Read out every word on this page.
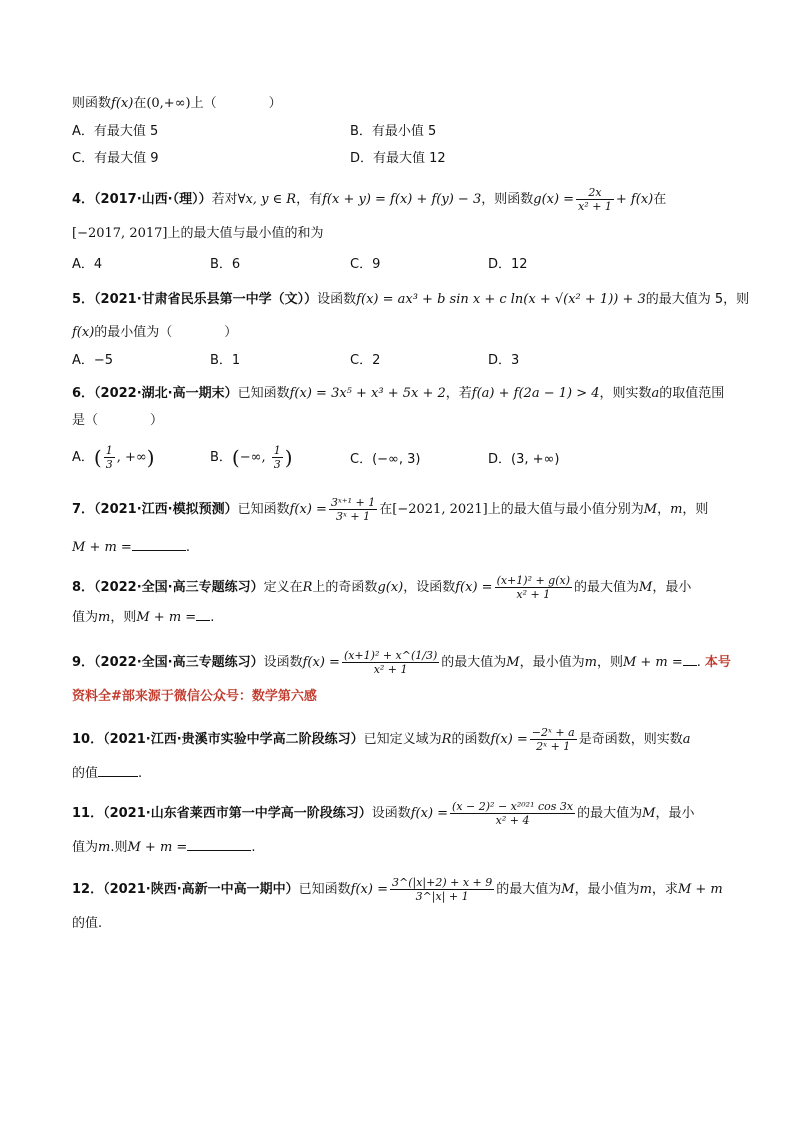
则函数f(x)在(0,+∞)上（　　　　）
A．有最大值 5	B．有最小值 5
C．有最大值 9	D．有最大值 12
4．（2017·山西·（理））若对∀x, y ∈ R，有f(x + y) = f(x) + f(y) − 3，则函数$g(x) = \frac{2x}{\text{x² + 1}} + f(x)$在
[−2017, 2017]上的最大值与最小值的和为
A．4	B．6	C．9	D．12
5．（2021·甘肃省民乐县第一中学（文））设函数f(x) = ax³ + b sin x + c ln(x + √(x² + 1)) + 3的最大值为 5，则
f(x)的最小值为（　　　　）
A．−5	B．1	C．2	D．3
6．（2022·湖北·高一期末）已知函数f(x) = 3x⁵ + x³ + 5x + 2，若f(a) + f(2a − 1) > 4，则实数a的取值范围
是（　　　　）
A．( $\frac{1}{3}$ , +∞)	B．(−∞, $\frac{1}{3}$ )	C．(−∞, 3)	D．(3, +∞)
7．（2021·江西·模拟预测）已知函数$f(x) = \frac{\text{3ˣ⁺¹ + 1}}{\text{3ˣ + 1}}$ 在[−2021, 2021]上的最大值与最小值分别为M，m，则
M + m =	.
8．（2022·全国·高三专题练习）定义在R上的奇函数g(x)，设函数$f(x) = \frac{\text{(x+1)² + g(x)}}{\text{x² + 1}}$ 的最大值为M，最小
值为m，则M + m = .
9．（2022·全国·高三专题练习）设函数$f(x) = \frac{\text{(x+1)² + x\textasciicircum{}(1/3)}}{\text{x² + 1}}$ 的最大值为M，最小值为m，则M + m = . 本号
资料全#部来源于微信公众号：数学第六感
10．（2021·江西·贵溪市实验中学高二阶段练习）已知定义域为R的函数$f(x) = \frac{\text{−2ˣ + a}}{\text{2ˣ + 1}}$ 是奇函数，则实数a
的值	.
11．（2021·山东省莱西市第一中学高一阶段练习）设函数$f(x) = \frac{\text{(x − 2)² − x²⁰²¹ cos 3x}}{\text{x² + 4}}$ 的最大值为M，最小
值为m.则M + m =	.
12．（2021·陕西·高新一中高一期中）已知函数$f(x) = \frac{3\^{}(|x|+2) + x + 9}{3\^{}|x| + 1}$ 的最大值为M，最小值为m，求M + m
的值.
